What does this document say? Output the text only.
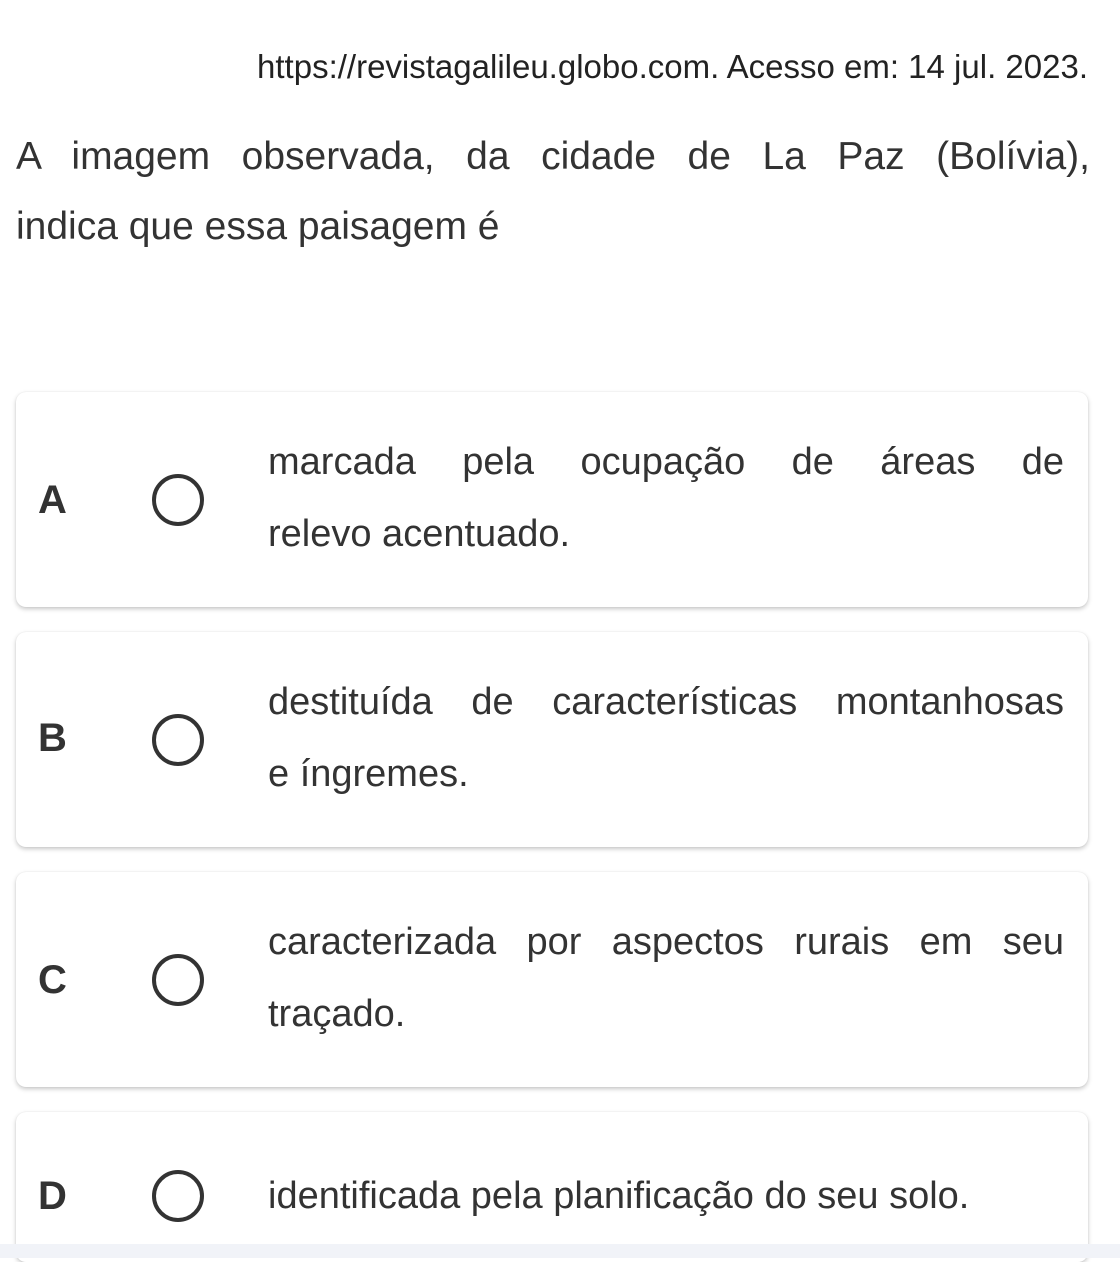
https://revistagalileu.globo.com. Acesso em: 14 jul. 2023.
A imagem observada, da cidade de La Paz (Bolívia),
indica que essa paisagem é
A
marcada pela ocupação de áreas de
relevo acentuado.
B
destituída de características montanhosas
e íngremes.
C
caracterizada por aspectos rurais em seu
traçado.
D	identificada pela planificação do seu solo.
